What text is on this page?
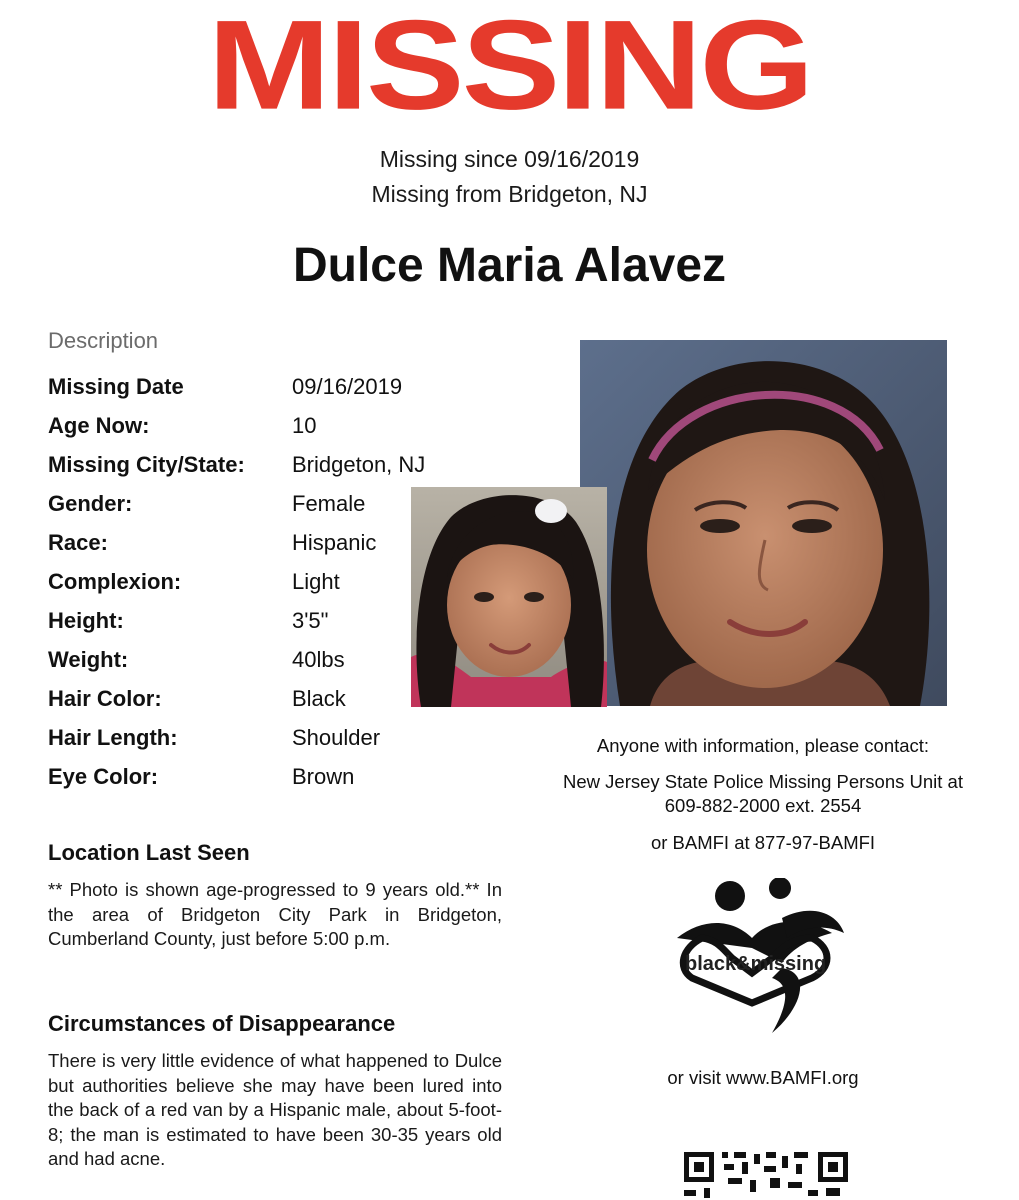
MISSING
Missing since 09/16/2019
Missing from Bridgeton, NJ
Dulce Maria Alavez
Description
Missing Date	09/16/2019
Age Now:	10
Missing City/State: Bridgeton, NJ
Gender:	Female
Race:	Hispanic
Complexion:	Light
Height:	3'5"
Weight:	40lbs
Hair Color:	Black
Hair Length:	Shoulder
Eye Color:	Brown
Location Last Seen
** Photo is shown age-progressed to 9 years old.** In the area of Bridgeton City Park in Bridgeton, Cumberland County, just before 5:00 p.m.
Circumstances of Disappearance
There is very little evidence of what happened to Dulce but authorities believe she may have been lured into the back of a red van by a Hispanic male, about 5-foot-8; the man is estimated to have been 30-35 years old and had acne.
Anyone with information, please contact:
New Jersey State Police Missing Persons Unit at
609-882-2000 ext. 2554
or BAMFI at 877-97-BAMFI
black&missing
or visit www.BAMFI.org
